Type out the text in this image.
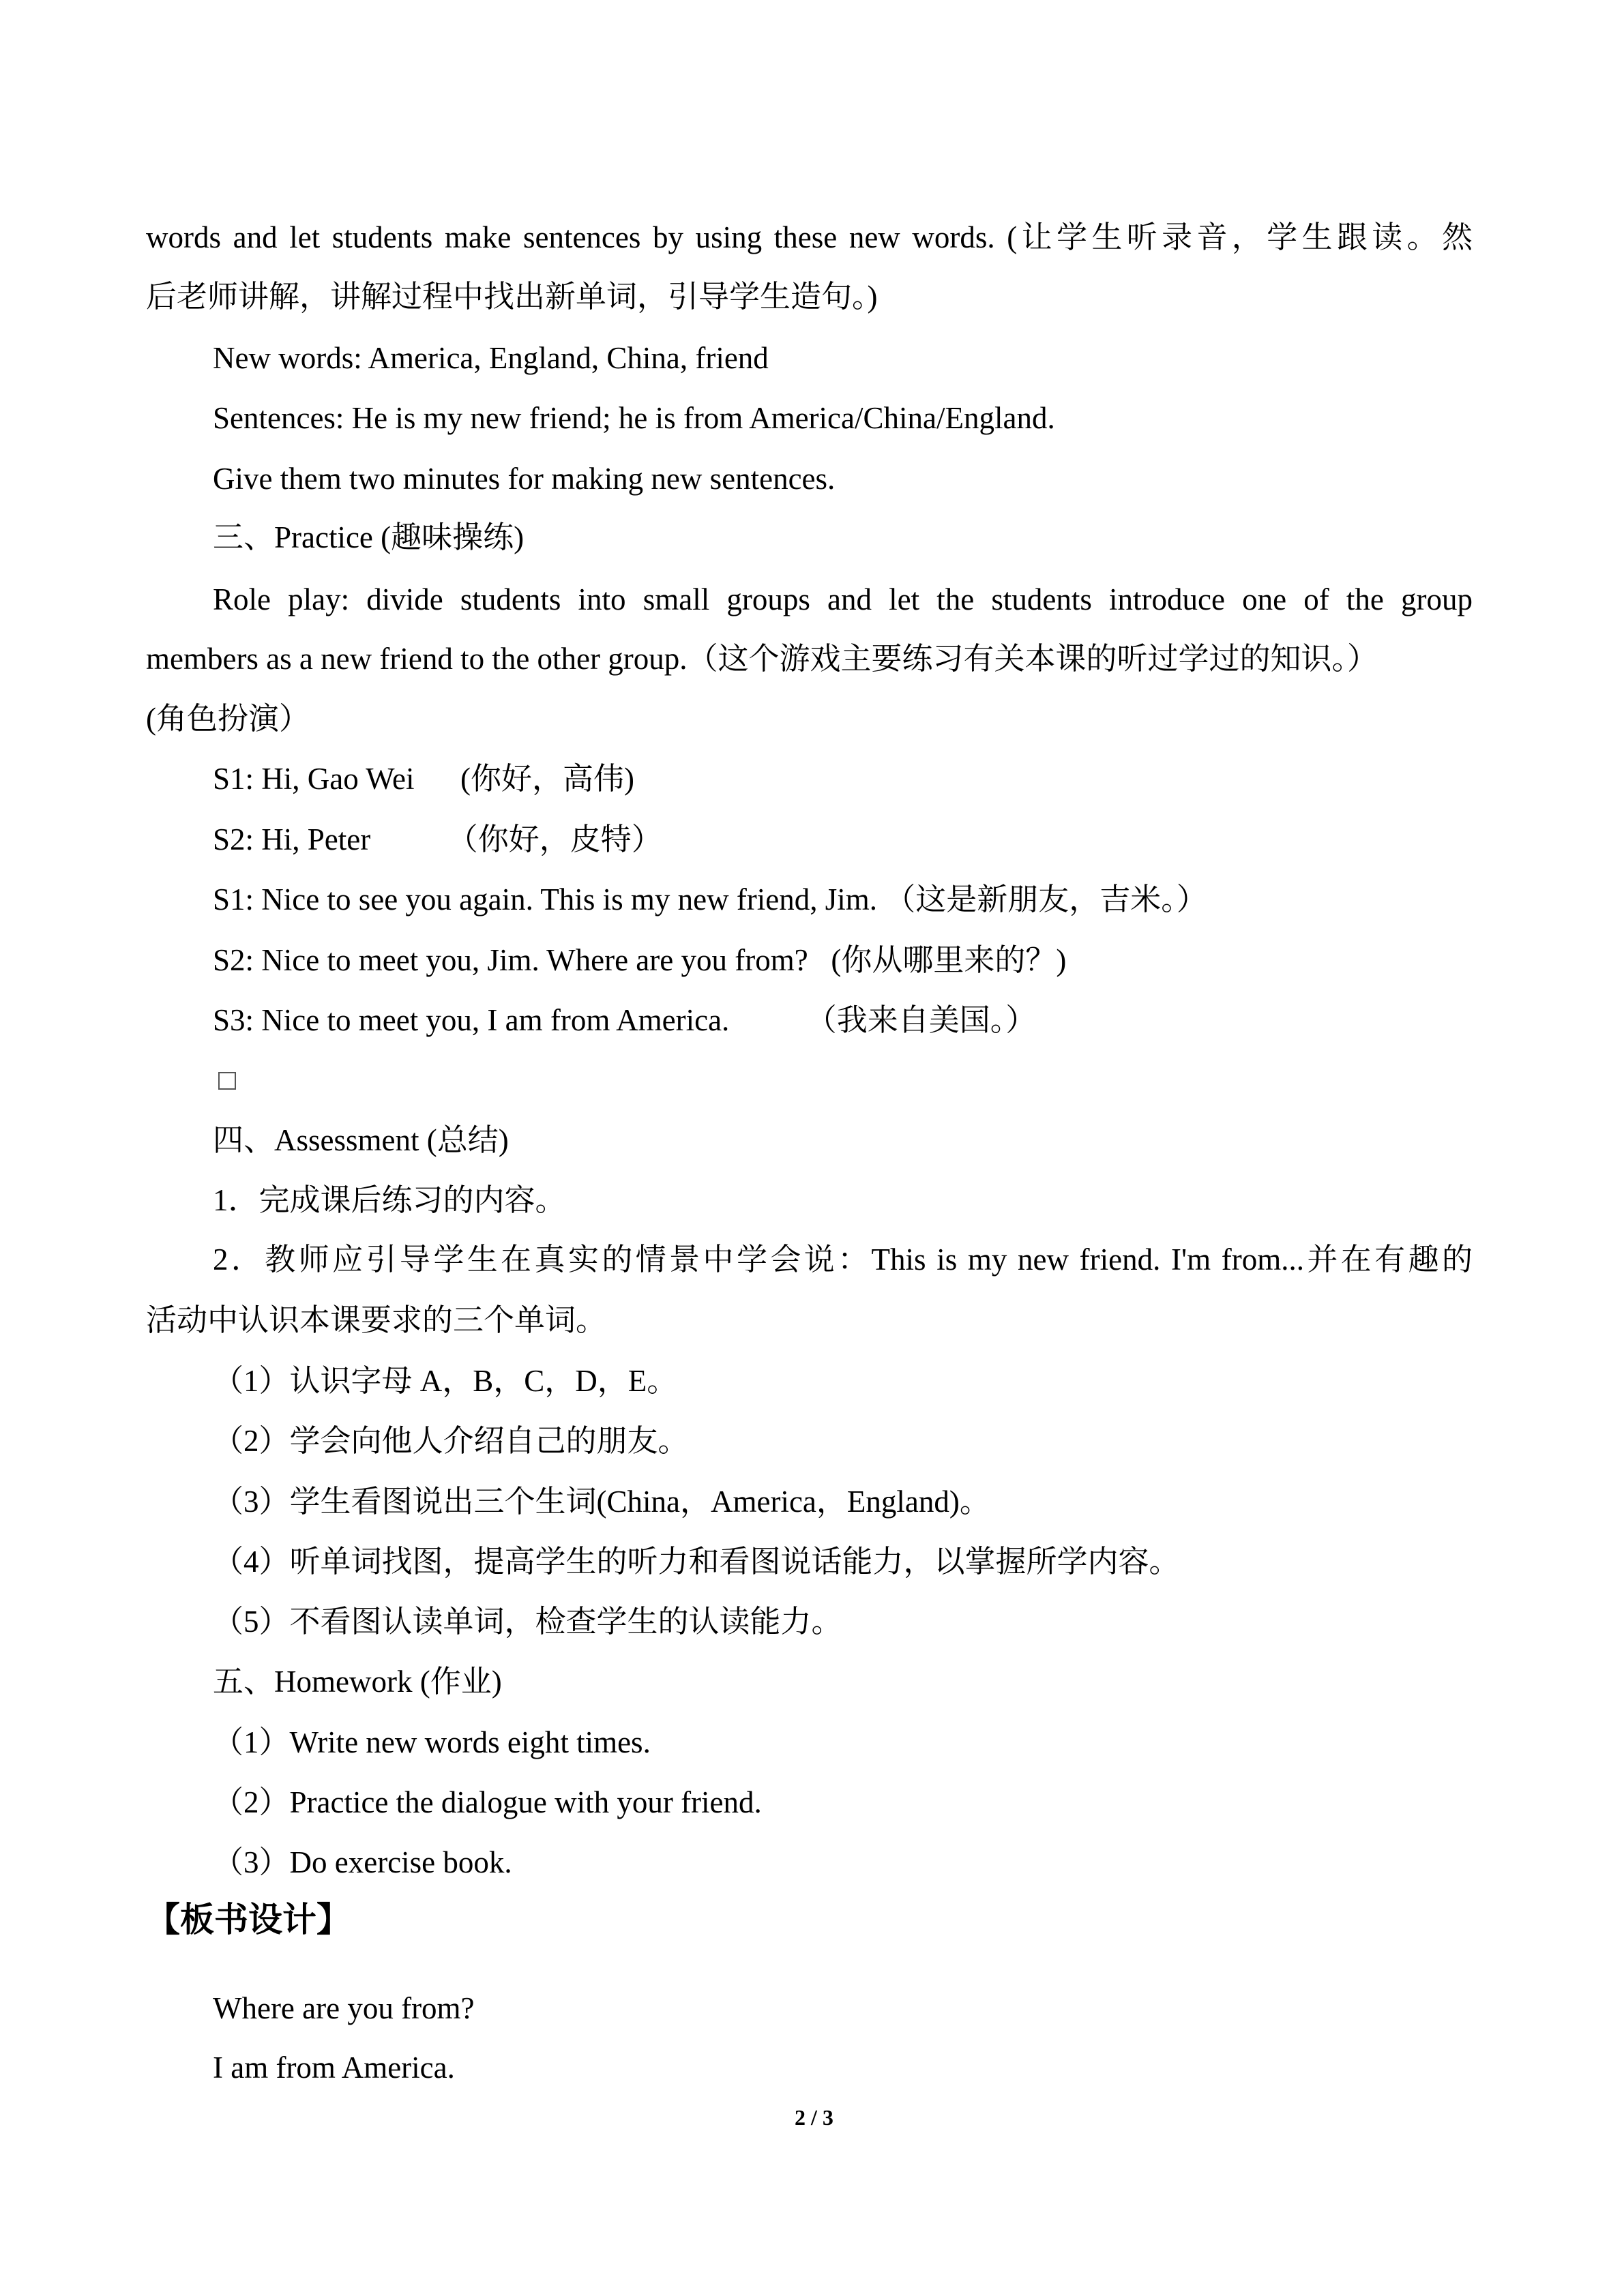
words and let students make sentences by using these new words. (让学生听录音，学生跟读。然
后老师讲解，讲解过程中找出新单词，引导学生造句。)
New words: America, England, China, friend
Sentences: He is my new friend; he is from America/China/England.
Give them two minutes for making new sentences.
三、Practice (趣味操练)
Role play: divide students into small groups and let the students introduce one of the group
members as a new friend to the other group.（这个游戏主要练习有关本课的听过学过的知识。）
(角色扮演）
S1: Hi, Gao Wei      (你好，高伟)
S2: Hi, Peter          （你好，皮特）
S1: Nice to see you again. This is my new friend, Jim. （这是新朋友，吉米。）
S2: Nice to meet you, Jim. Where are you from?   (你从哪里来的？)
S3: Nice to meet you, I am from America.          （我来自美国。）
四、Assessment (总结)
1．完成课后练习的内容。
2．教师应引导学生在真实的情景中学会说：This is my new friend. I'm from...并在有趣的
活动中认识本课要求的三个单词。
（1）认识字母 A，B，C，D，E。
（2）学会向他人介绍自己的朋友。
（3）学生看图说出三个生词(China，America，England)。
（4）听单词找图，提高学生的听力和看图说话能力，以掌握所学内容。
（5）不看图认读单词，检查学生的认读能力。
五、Homework (作业)
（1）Write new words eight times.
（2）Practice the dialogue with your friend.
（3）Do exercise book.
【板书设计】
Where are you from?
I am from America.
2 / 3
